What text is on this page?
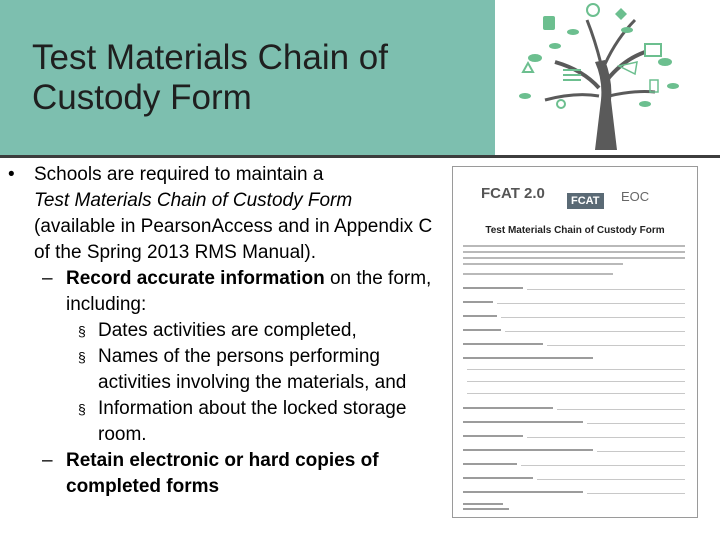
Test Materials Chain of Custody Form
• Schools are required to maintain a
Test Materials Chain of Custody Form
(available in PearsonAccess and in Appendix C of the Spring 2013 RMS Manual).
– Record accurate information on the form, including:
§ Dates activities are completed,
§ Names of the persons performing activities involving the materials, and
§ Information about the locked storage room.
– Retain electronic or hard copies of completed forms
FCAT 2.0	FCAT	EOC
Test Materials Chain of Custody Form
